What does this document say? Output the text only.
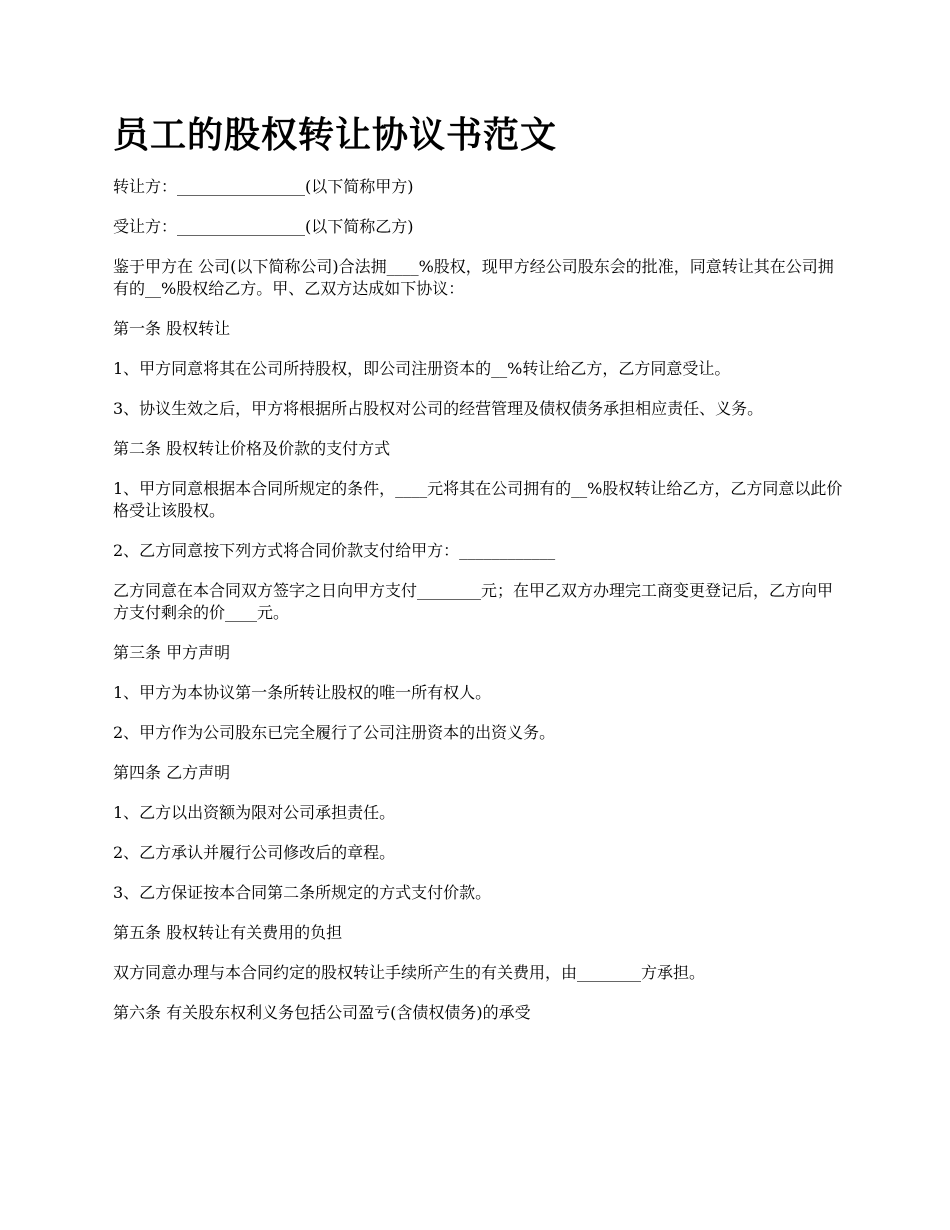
员工的股权转让协议书范文

转让方：________________(以下简称甲方)

受让方：________________(以下简称乙方)

鉴于甲方在 公司(以下简称公司)合法拥____%股权，现甲方经公司股东会的批准，同意转让其在公司拥有的__%股权给乙方。甲、乙双方达成如下协议：

第一条 股权转让

1、甲方同意将其在公司所持股权，即公司注册资本的__%转让给乙方，乙方同意受让。

3、协议生效之后，甲方将根据所占股权对公司的经营管理及债权债务承担相应责任、义务。

第二条 股权转让价格及价款的支付方式

1、甲方同意根据本合同所规定的条件，____元将其在公司拥有的__%股权转让给乙方，乙方同意以此价格受让该股权。

2、乙方同意按下列方式将合同价款支付给甲方：____________

乙方同意在本合同双方签字之日向甲方支付________元；在甲乙双方办理完工商变更登记后，乙方向甲方支付剩余的价____元。

第三条 甲方声明

1、甲方为本协议第一条所转让股权的唯一所有权人。

2、甲方作为公司股东已完全履行了公司注册资本的出资义务。

第四条 乙方声明

1、乙方以出资额为限对公司承担责任。

2、乙方承认并履行公司修改后的章程。

3、乙方保证按本合同第二条所规定的方式支付价款。

第五条 股权转让有关费用的负担

双方同意办理与本合同约定的股权转让手续所产生的有关费用，由________方承担。

第六条 有关股东权利义务包括公司盈亏(含债权债务)的承受
